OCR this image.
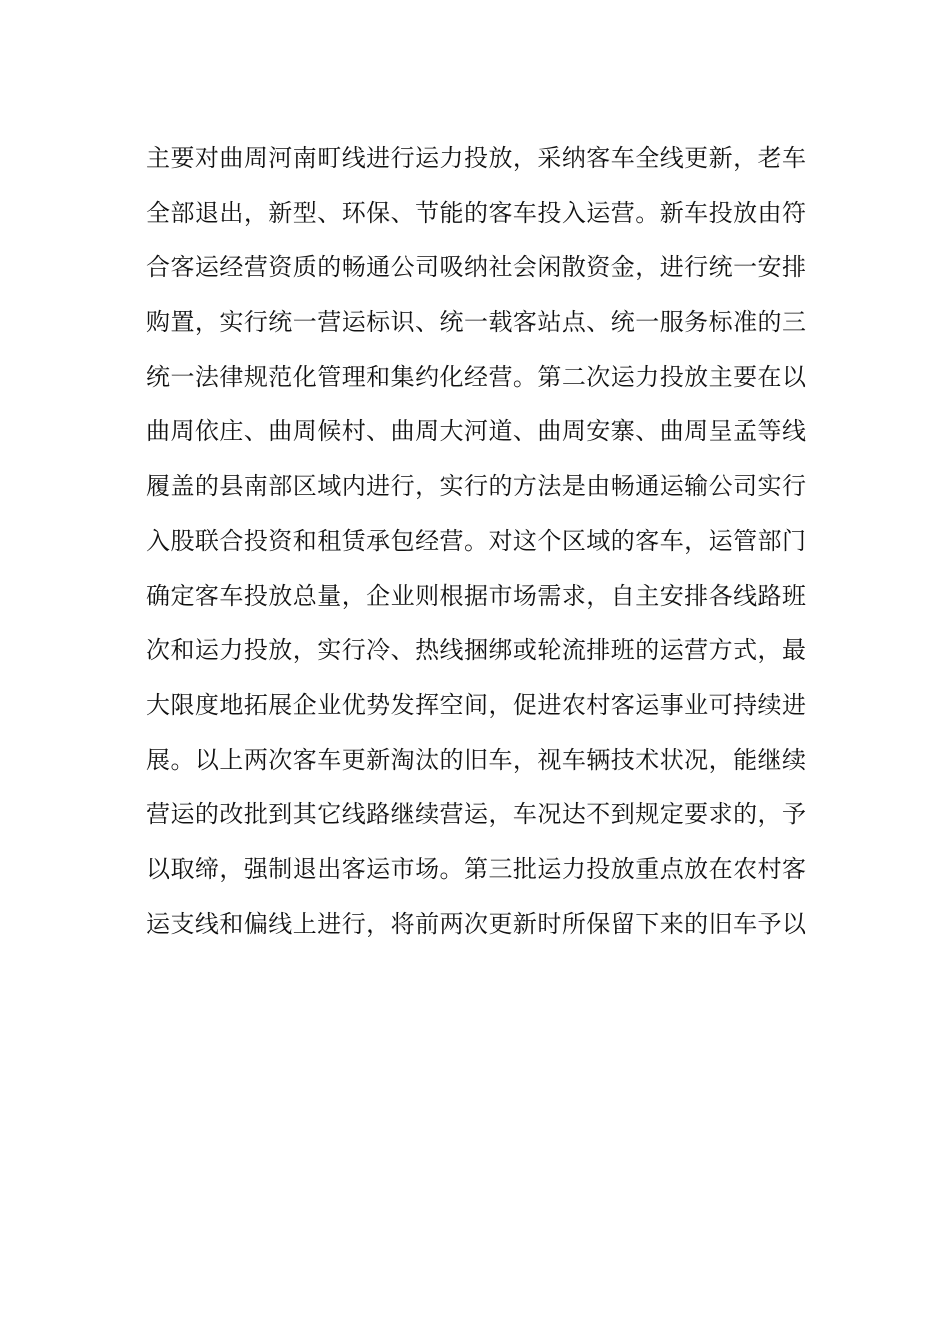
主要对曲周河南町线进行运力投放，采纳客车全线更新，老车
全部退出，新型、环保、节能的客车投入运营。新车投放由符
合客运经营资质的畅通公司吸纳社会闲散资金，进行统一安排
购置，实行统一营运标识、统一载客站点、统一服务标准的三
统一法律规范化管理和集约化经营。第二次运力投放主要在以
曲周依庄、曲周候村、曲周大河道、曲周安寨、曲周呈孟等线
履盖的县南部区域内进行，实行的方法是由畅通运输公司实行
入股联合投资和租赁承包经营。对这个区域的客车，运管部门
确定客车投放总量，企业则根据市场需求，自主安排各线路班
次和运力投放，实行冷、热线捆绑或轮流排班的运营方式，最
大限度地拓展企业优势发挥空间，促进农村客运事业可持续进
展。以上两次客车更新淘汰的旧车，视车辆技术状况，能继续
营运的改批到其它线路继续营运，车况达不到规定要求的，予
以取缔，强制退出客运市场。第三批运力投放重点放在农村客
运支线和偏线上进行，将前两次更新时所保留下来的旧车予以
